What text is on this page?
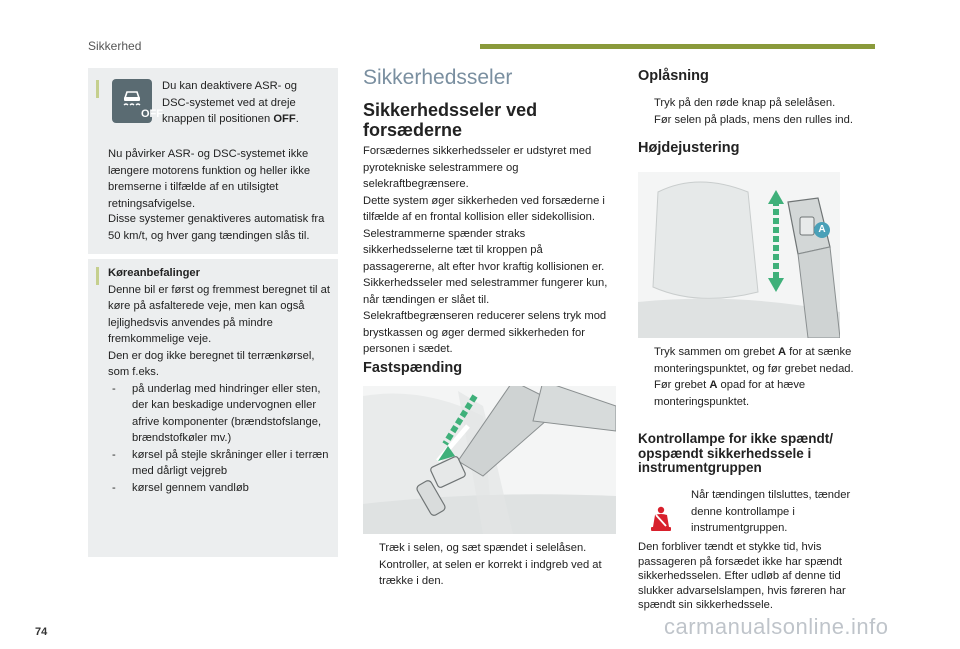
Sikkerhed
OFF
Du kan deaktivere ASR- og DSC-systemet ved at dreje knappen til positionen OFF.
Nu påvirker ASR- og DSC-systemet ikke længere motorens funktion og heller ikke bremserne i tilfælde af en utilsigtet retningsafvigelse.
Disse systemer genaktiveres automatisk fra 50 km/t, og hver gang tændingen slås til.
Køreanbefalinger
Denne bil er først og fremmest beregnet til at køre på asfalterede veje, men kan også lejlighedsvis anvendes på mindre fremkommelige veje.
Den er dog ikke beregnet til terrænkørsel, som f.eks.
- på underlag med hindringer eller sten, der kan beskadige undervognen eller afrive komponenter (brændstofslange, brændstofkøler mv.)
- kørsel på stejle skråninger eller i terræn med dårligt vejgreb
- kørsel gennem vandløb
Sikkerhedsseler
Sikkerhedsseler ved forsæderne
Forsædernes sikkerhedsseler er udstyret med pyrotekniske selestrammere og selekraftbegrænsere.
Dette system øger sikkerheden ved forsæderne i tilfælde af en frontal kollision eller sidekollision. Selestrammerne spænder straks sikkerhedsselerne tæt til kroppen på passagererne, alt efter hvor kraftig kollisionen er. Sikkerhedsseler med selestrammer fungerer kun, når tændingen er slået til.
Selekraftbegrænseren reducerer selens tryk mod brystkassen og øger dermed sikkerheden for personen i sædet.
Fastspænding
Træk i selen, og sæt spændet i selelåsen.
Kontroller, at selen er korrekt i indgreb ved at trække i den.
Oplåsning
Tryk på den røde knap på selelåsen.
Før selen på plads, mens den rulles ind.
Højdejustering
A
Tryk sammen om grebet A for at sænke monteringspunktet, og før grebet nedad.
Før grebet A opad for at hæve monteringspunktet.
Kontrollampe for ikke spændt/ opspændt sikkerhedssele i instrumentgruppen
Når tændingen tilsluttes, tænder denne kontrollampe i instrumentgruppen.
Den forbliver tændt et stykke tid, hvis passageren på forsædet ikke har spændt sikkerhedsselen. Efter udløb af denne tid slukker advarselslampen, hvis føreren har spændt sin sikkerhedssele.
74	carmanualsonline.info
